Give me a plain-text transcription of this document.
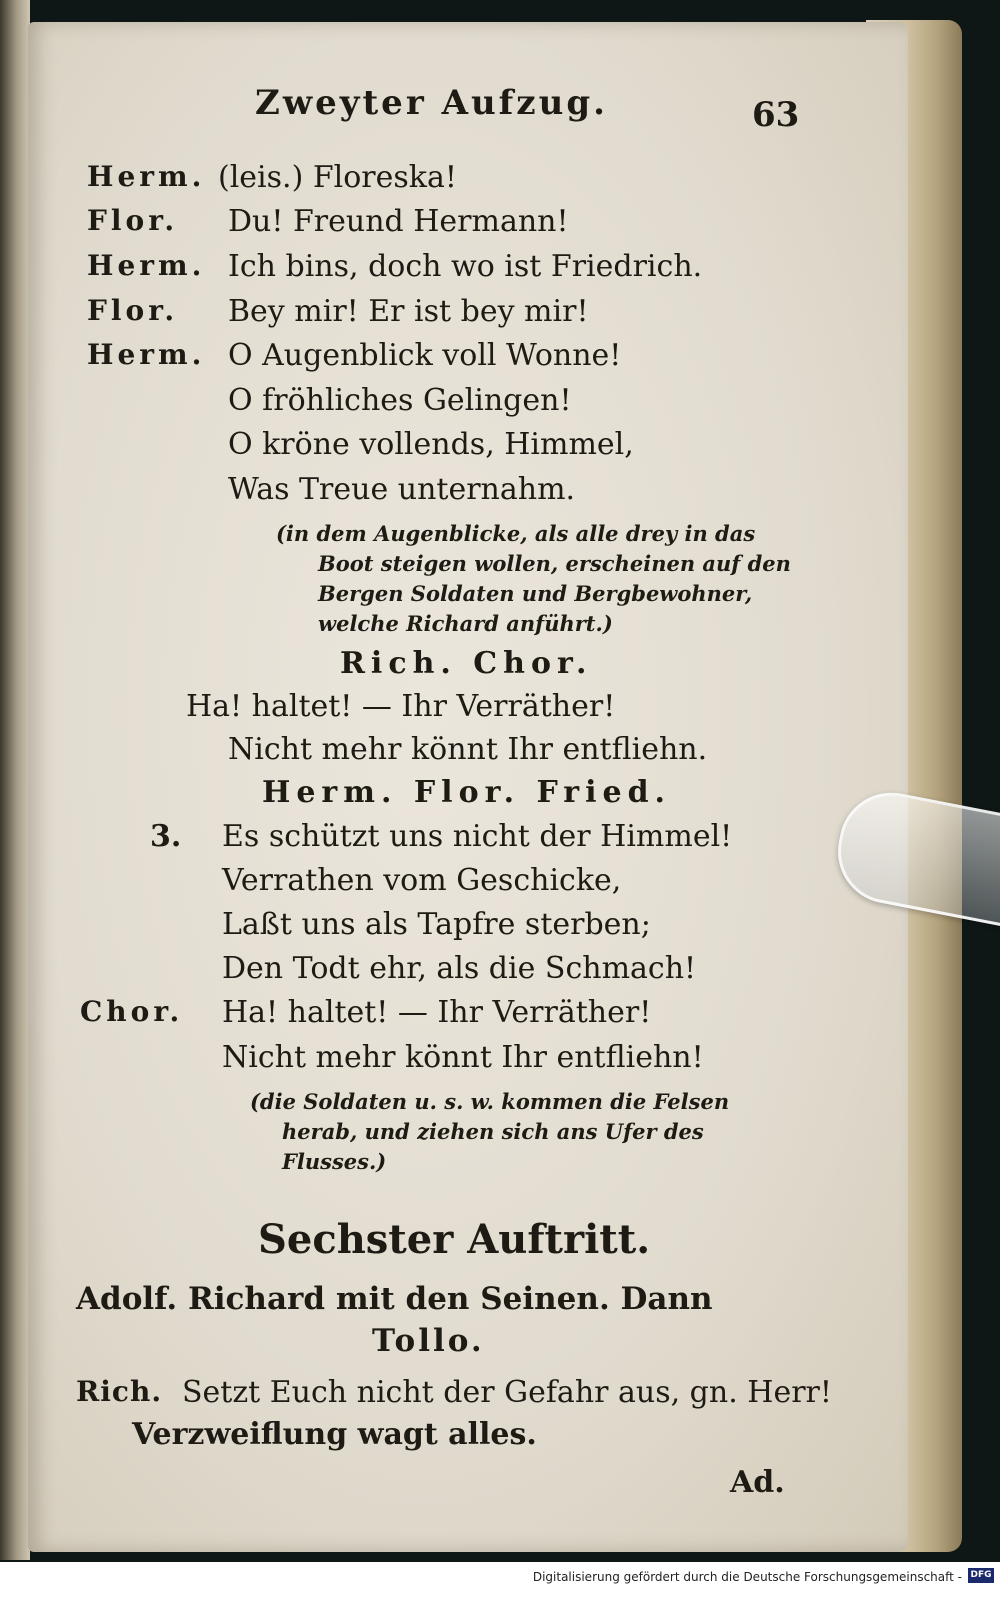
Zweyter Aufzug.	63
Herm. (leis.) Floreska!
Flor. Du! Freund Hermann!
Herm. Ich bins, doch wo ist Friedrich.
Flor. Bey mir! Er ist bey mir!
Herm. O Augenblick voll Wonne!
O fröhliches Gelingen!
O kröne vollends, Himmel,
Was Treue unternahm.
(in dem Augenblicke, als alle drey in das
Boot steigen wollen, erscheinen auf den
Bergen Soldaten und Bergbewohner,
welche Richard anführt.)
Rich. Chor.
Ha! haltet! — Ihr Verräther!
Nicht mehr könnt Ihr entfliehn.
Herm. Flor. Fried.
3. Es schützt uns nicht der Himmel!
Verrathen vom Geschicke,
Laßt uns als Tapfre sterben;
Den Todt ehr, als die Schmach!
Chor. Ha! haltet! — Ihr Verräther!
Nicht mehr könnt Ihr entfliehn!
(die Soldaten u. s. w. kommen die Felsen
herab, und ziehen sich ans Ufer des
Flusses.)
Sechster Auftritt.
Adolf. Richard mit den Seinen. Dann
Tollo.
Rich. Setzt Euch nicht der Gefahr aus, gn. Herr!
Verzweiflung wagt alles.
Ad.
Digitalisierung gefördert durch die Deutsche Forschungsgemeinschaft - DFG
